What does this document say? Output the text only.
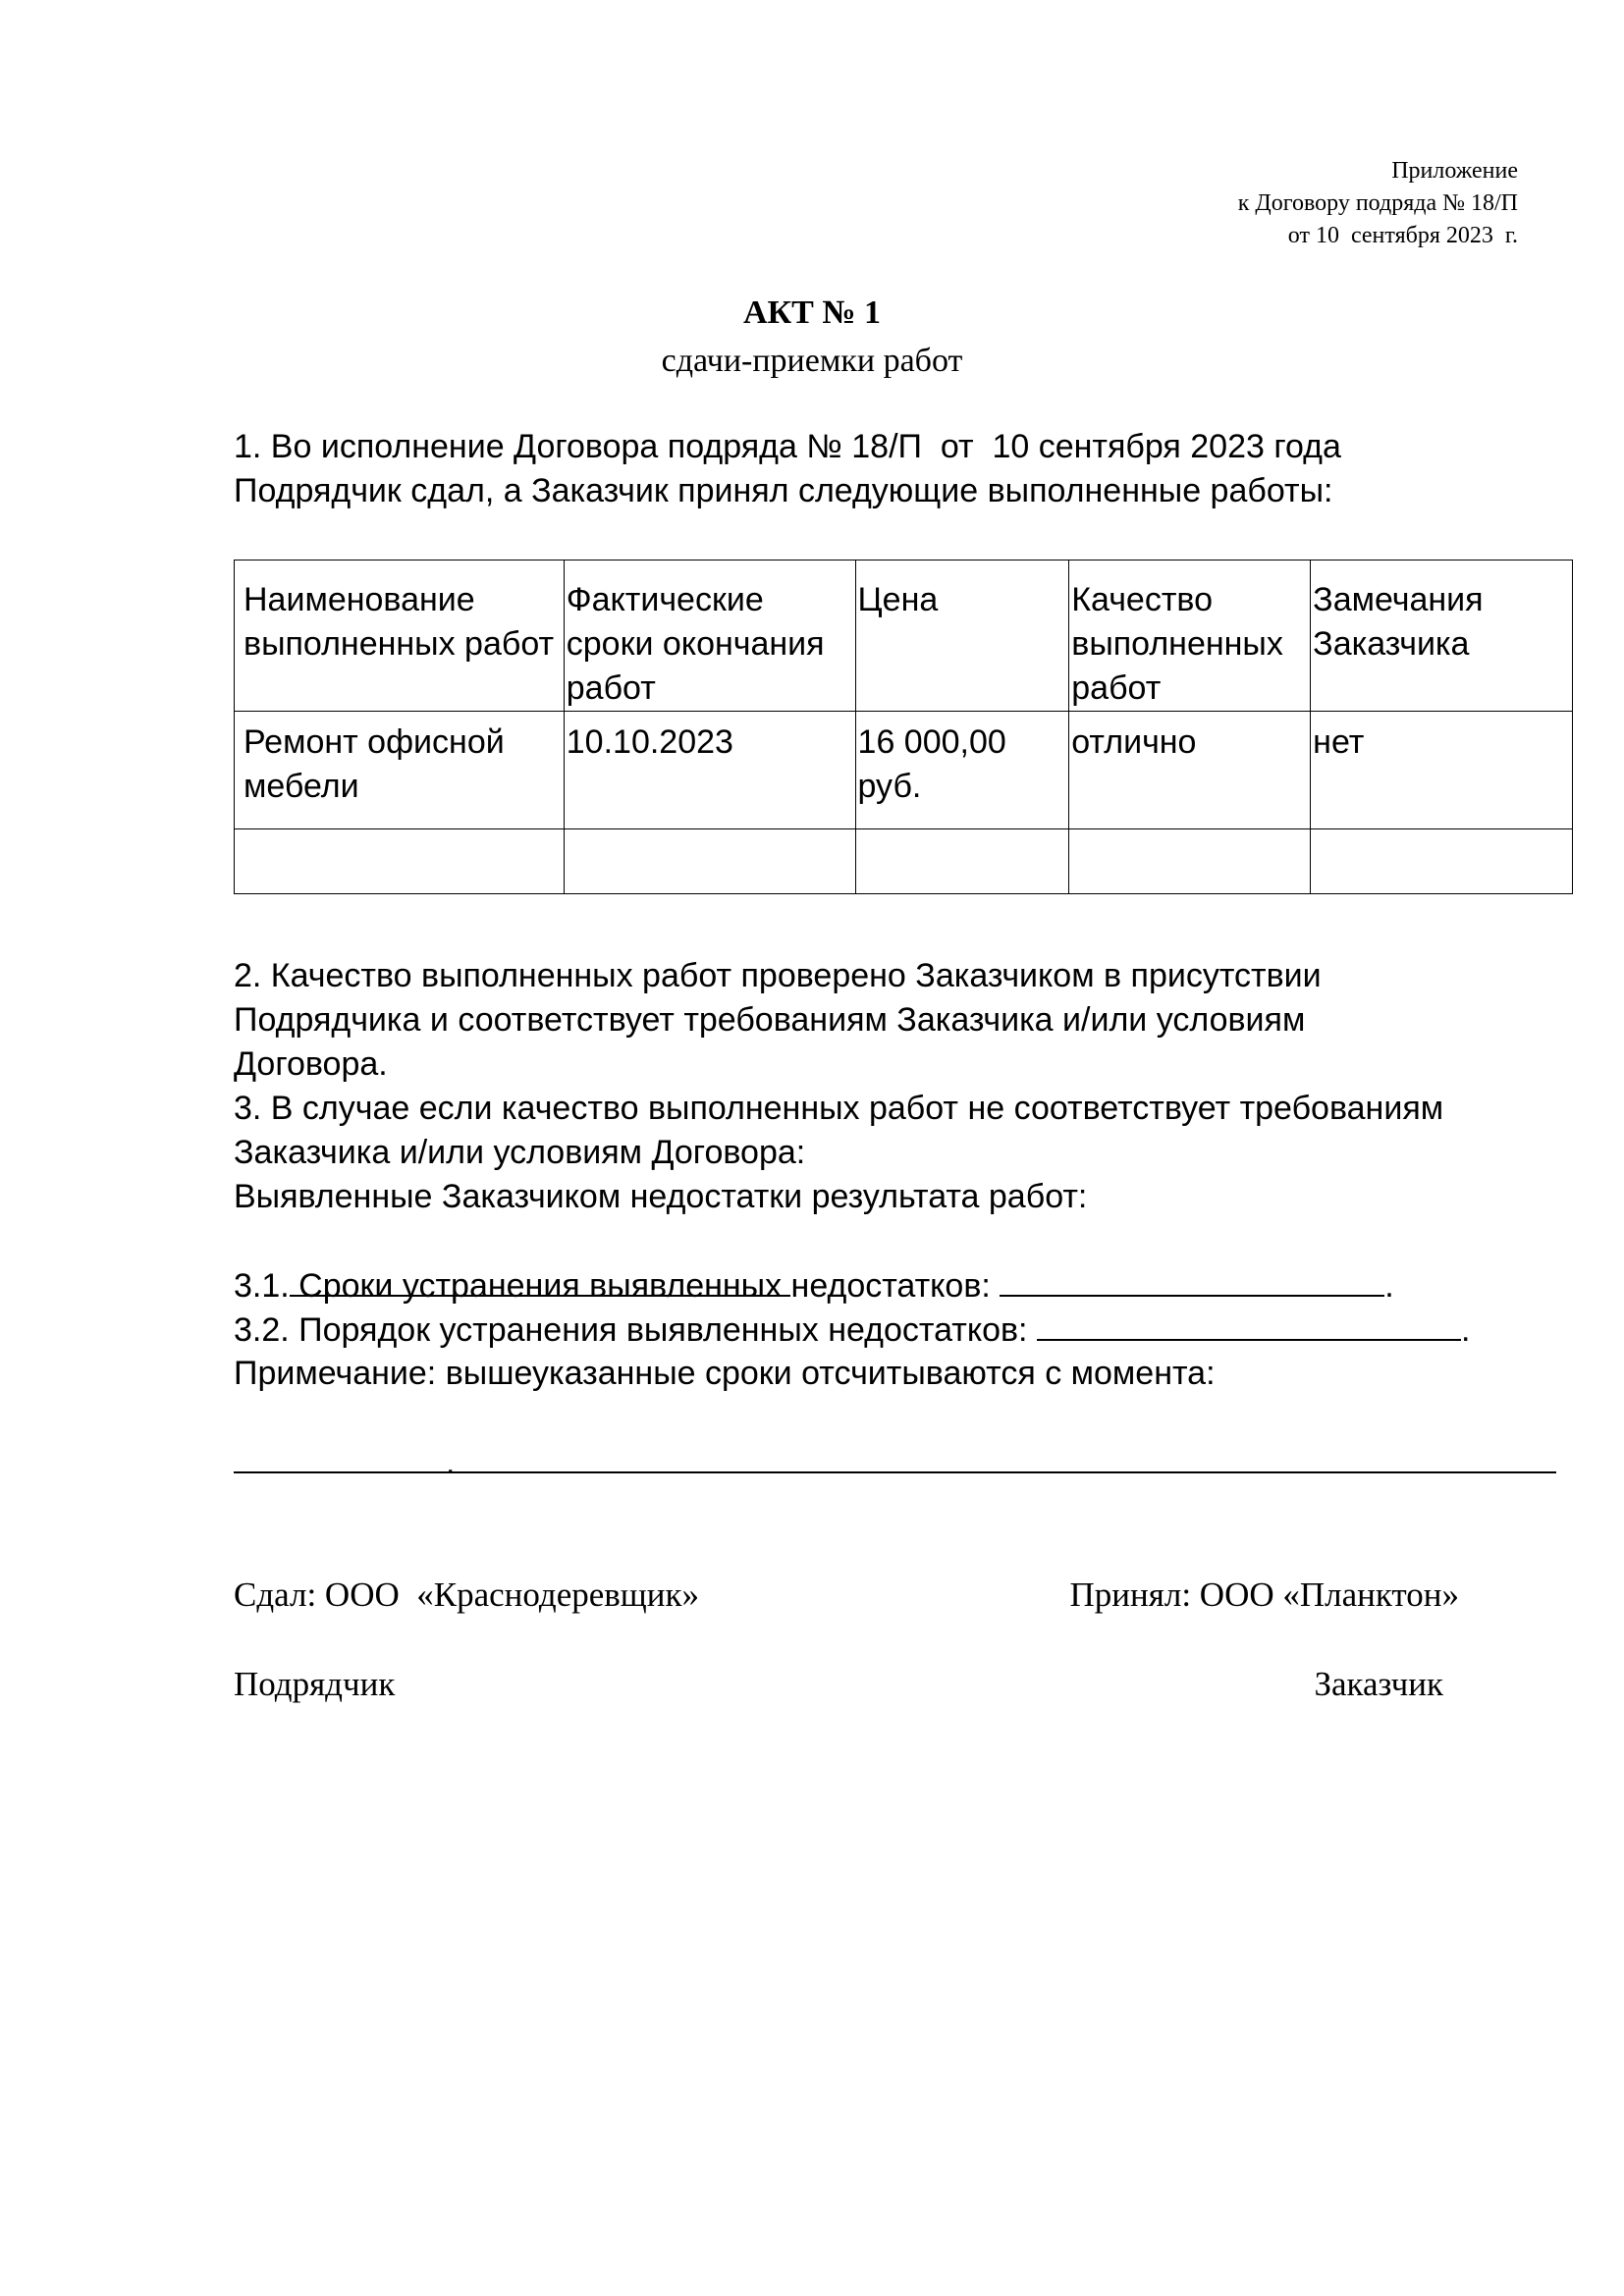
Приложение
к Договору подряда № 18/П
от 10  сентября 2023  г.
АКТ № 1
сдачи-приемки работ
1. Во исполнение Договора подряда № 18/П  от  10 сентября 2023 года
Подрядчик сдал, а Заказчик принял следующие выполненные работы:
Наименование выполненных работ	Фактические сроки окончания работ	Цена	Качество выполненных работ	Замечания Заказчика
Ремонт офисной мебели	10.10.2023	16 000,00 руб.	отлично	нет

2. Качество выполненных работ проверено Заказчиком в присутствии
Подрядчика и соответствует требованиям Заказчика и/или условиям
Договора.
3. В случае если качество выполненных работ не соответствует требованиям
Заказчика и/или условиям Договора:
Выявленные Заказчиком недостатки результата работ:

3.1. Сроки устранения выявленных недостатков:	.
3.2. Порядок устранения выявленных недостатков:	.
Примечание: вышеуказанные сроки отсчитываются с момента:

.
Сдал: ООО  «Краснодеревщик»	Принял: ООО «Планктон»
Подрядчик	Заказчик
